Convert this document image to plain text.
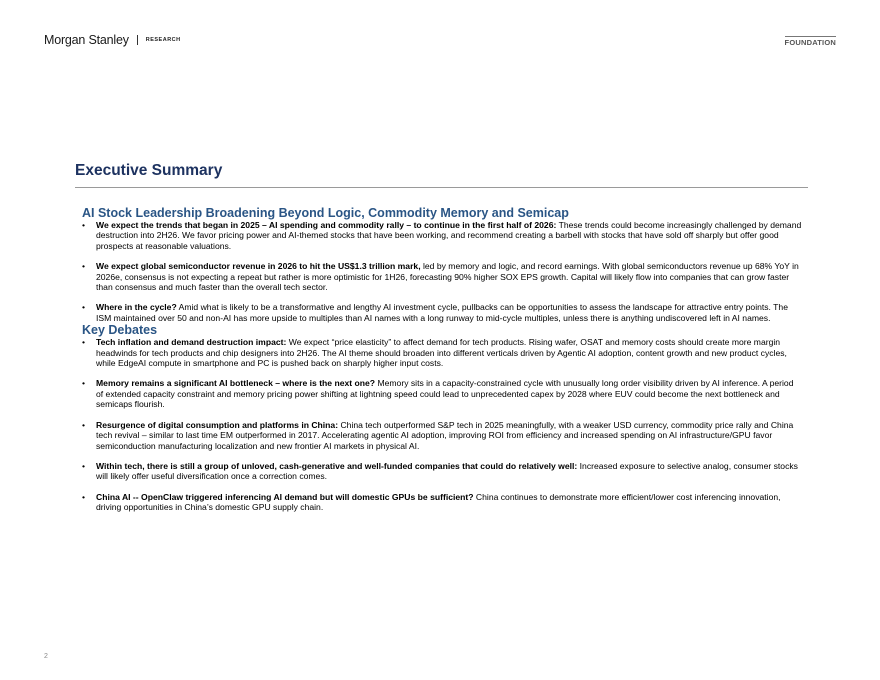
Morgan Stanley	RESEARCH	FOUNDATION
Executive Summary
AI Stock Leadership Broadening Beyond Logic, Commodity Memory and Semicap
• We expect the trends that began in 2025 – AI spending and commodity rally – to continue in the first half of 2026: These trends could become increasingly challenged by demand destruction into 2H26. We favor pricing power and AI-themed stocks that have been working, and recommend creating a barbell with stocks that have sold off sharply but offer good prospects at reasonable valuations.
• We expect global semiconductor revenue in 2026 to hit the US$1.3 trillion mark, led by memory and logic, and record earnings. With global semiconductors revenue up 68% YoY in 2026e, consensus is not expecting a repeat but rather is more optimistic for 1H26, forecasting 90% higher SOX EPS growth. Capital will likely flow into companies that can grow faster than consensus and much faster than the overall tech sector.
• Where in the cycle? Amid what is likely to be a transformative and lengthy AI investment cycle, pullbacks can be opportunities to assess the landscape for attractive entry points. The ISM maintained over 50 and non-AI has more upside to multiples than AI names with a long runway to mid-cycle multiples, unless there is anything undiscovered left in AI names.
Key Debates
• Tech inflation and demand destruction impact: We expect “price elasticity” to affect demand for tech products. Rising wafer, OSAT and memory costs should create more margin headwinds for tech products and chip designers into 2H26. The AI theme should broaden into different verticals driven by Agentic AI adoption, content growth and new product cycles, while EdgeAI compute in smartphone and PC is pushed back on sharply higher input costs.
• Memory remains a significant AI bottleneck – where is the next one? Memory sits in a capacity-constrained cycle with unusually long order visibility driven by AI inference. A period of extended capacity constraint and memory pricing power shifting at lightning speed could lead to unprecedented capex by 2028 where EUV could become the next bottleneck and semicaps flourish.
• Resurgence of digital consumption and platforms in China: China tech outperformed S&P tech in 2025 meaningfully, with a weaker USD currency, commodity price rally and China tech revival – similar to last time EM outperformed in 2017. Accelerating agentic AI adoption, improving ROI from efficiency and increased spending on AI infrastructure/GPU favor semiconduction manufacturing localization and new frontier AI markets in physical AI.
• Within tech, there is still a group of unloved, cash-generative and well-funded companies that could do relatively well: Increased exposure to selective analog, consumer stocks will likely offer useful diversification once a correction comes.
• China AI -- OpenClaw triggered inferencing AI demand but will domestic GPUs be sufficient? China continues to demonstrate more efficient/lower cost inferencing innovation, driving opportunities in China’s domestic GPU supply chain.
2
